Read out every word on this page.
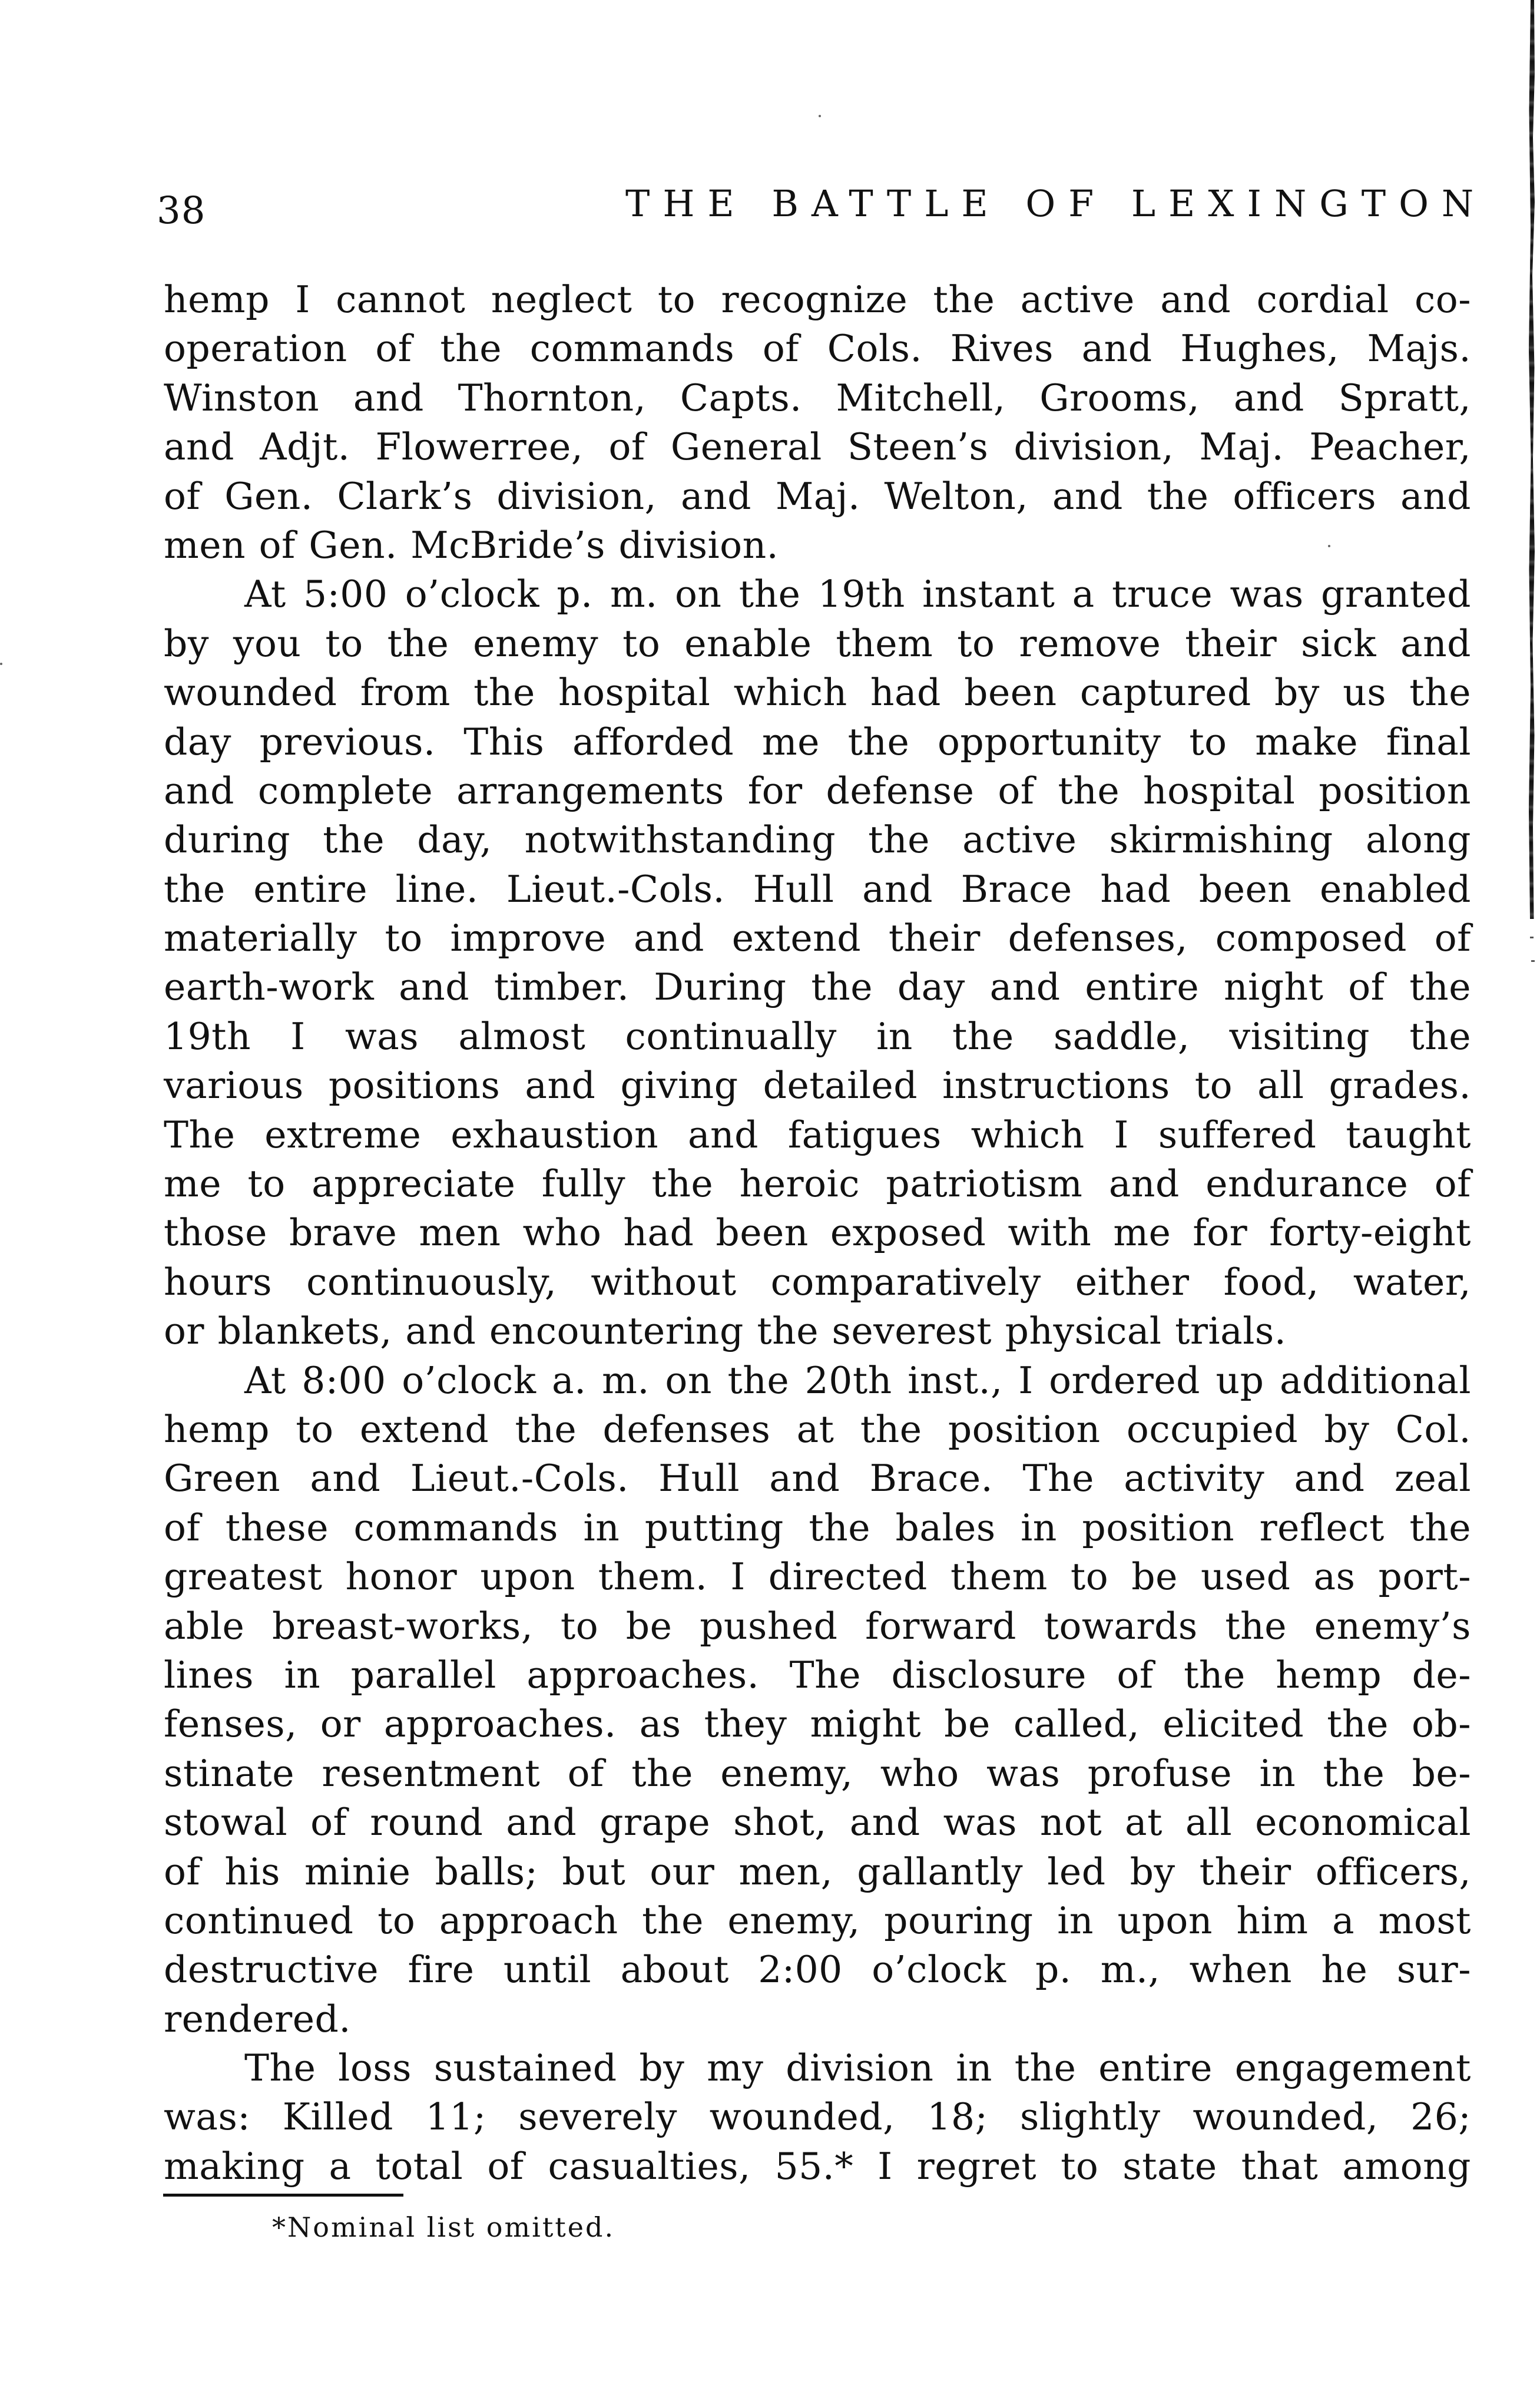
38	THE BATTLE OF LEXINGTON
hemp I cannot neglect to recognize the active and cordial co-
operation of the commands of Cols. Rives and Hughes, Majs.
Winston and Thornton, Capts. Mitchell, Grooms, and Spratt,
and Adjt. Flowerree, of General Steen’s division, Maj. Peacher,
of Gen. Clark’s division, and Maj. Welton, and the officers and
men of Gen. McBride’s division.
At 5:00 o’clock p. m. on the 19th instant a truce was granted
by you to the enemy to enable them to remove their sick and
wounded from the hospital which had been captured by us the
day previous. This afforded me the opportunity to make final
and complete arrangements for defense of the hospital position
during the day, notwithstanding the active skirmishing along
the entire line. Lieut.-Cols. Hull and Brace had been enabled
materially to improve and extend their defenses, composed of
earth-work and timber. During the day and entire night of the
19th I was almost continually in the saddle, visiting the
various positions and giving detailed instructions to all grades.
The extreme exhaustion and fatigues which I suffered taught
me to appreciate fully the heroic patriotism and endurance of
those brave men who had been exposed with me for forty-eight
hours continuously, without comparatively either food, water,
or blankets, and encountering the severest physical trials.
At 8:00 o’clock a. m. on the 20th inst., I ordered up additional
hemp to extend the defenses at the position occupied by Col.
Green and Lieut.-Cols. Hull and Brace. The activity and zeal
of these commands in putting the bales in position reflect the
greatest honor upon them. I directed them to be used as port-
able breast-works, to be pushed forward towards the enemy’s
lines in parallel approaches. The disclosure of the hemp de-
fenses, or approaches. as they might be called, elicited the ob-
stinate resentment of the enemy, who was profuse in the be-
stowal of round and grape shot, and was not at all economical
of his minie balls; but our men, gallantly led by their officers,
continued to approach the enemy, pouring in upon him a most
destructive fire until about 2:00 o’clock p. m., when he sur-
rendered.
The loss sustained by my division in the entire engagement
was: Killed 11; severely wounded, 18; slightly wounded, 26;
making a total of casualties, 55.* I regret to state that among
*Nominal list omitted.
